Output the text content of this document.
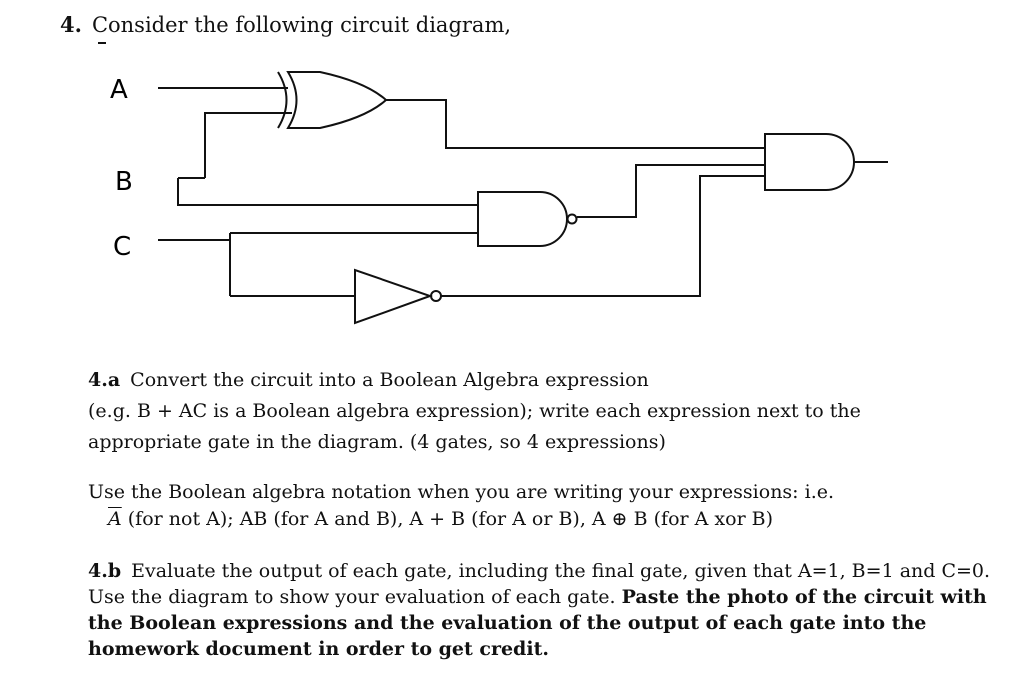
4. Consider the following circuit diagram,
A
B
C

4.a Convert the circuit into a Boolean Algebra expression
(e.g. B + AC is a Boolean algebra expression); write each expression next to the
appropriate gate in the diagram. (4 gates, so 4 expressions)

Use the Boolean algebra notation when you are writing your expressions: i.e.
$\overline{A}$ (for not A); AB (for A and B), A + B (for A or B), A ⊕ B (for A xor B)

4.b Evaluate the output of each gate, including the final gate, given that A=1, B=1 and C=0.
Use the diagram to show your evaluation of each gate. Paste the photo of the circuit with
the Boolean expressions and the evaluation of the output of each gate into the
homework document in order to get credit.
